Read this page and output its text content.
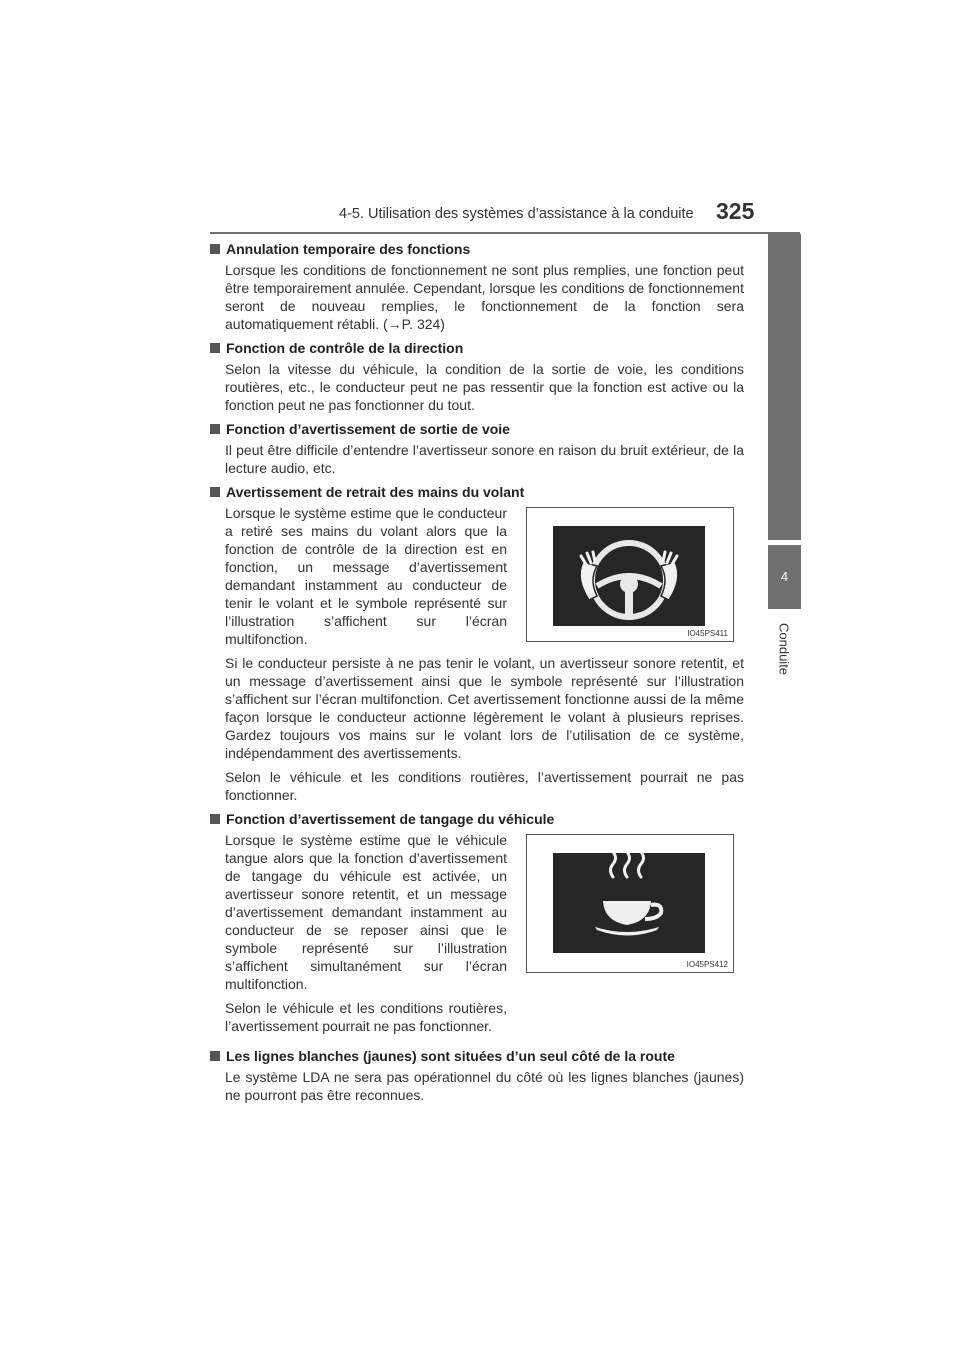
4-5. Utilisation des systèmes d’assistance à la conduite 325
4
Conduite
Annulation temporaire des fonctions

Lorsque les conditions de fonctionnement ne sont plus remplies, une fonction peut être temporairement annulée. Cependant, lorsque les conditions de fonctionnement seront de nouveau remplies, le fonctionnement de la fonction sera automatiquement rétabli. (→P. 324)

Fonction de contrôle de la direction

Selon la vitesse du véhicule, la condition de la sortie de voie, les conditions routières, etc., le conducteur peut ne pas ressentir que la fonction est active ou la fonction peut ne pas fonctionner du tout.

Fonction d’avertissement de sortie de voie

Il peut être difficile d’entendre l’avertisseur sonore en raison du bruit extérieur, de la lecture audio, etc.

Avertissement de retrait des mains du volant

Lorsque le système estime que le conducteur a retiré ses mains du volant alors que la fonction de contrôle de la direction est en fonction, un message d’avertissement demandant instamment au conducteur de tenir le volant et le symbole représenté sur l’illustration s’affichent sur l’écran multifonction.	IO45PS411

Si le conducteur persiste à ne pas tenir le volant, un avertisseur sonore retentit, et un message d’avertissement ainsi que le symbole représenté sur l’illustration s’affichent sur l’écran multifonction. Cet avertissement fonctionne aussi de la même façon lorsque le conducteur actionne légèrement le volant à plusieurs reprises. Gardez toujours vos mains sur le volant lors de l’utilisation de ce système, indépendamment des avertissements.

Selon le véhicule et les conditions routières, l’avertissement pourrait ne pas fonctionner.

Fonction d’avertissement de tangage du véhicule

Lorsque le système estime que le véhicule tangue alors que la fonction d’avertissement de tangage du véhicule est activée, un avertisseur sonore retentit, et un message d’avertissement demandant instamment au conducteur de se reposer ainsi que le symbole représenté sur l’illustration s’affichent simultanément sur l’écran multifonction.

Selon le véhicule et les conditions routières, l’avertissement pourrait ne pas fonctionner.

IO45PS412
Les lignes blanches (jaunes) sont situées d’un seul côté de la route

Le système LDA ne sera pas opérationnel du côté où les lignes blanches (jaunes) ne pourront pas être reconnues.
